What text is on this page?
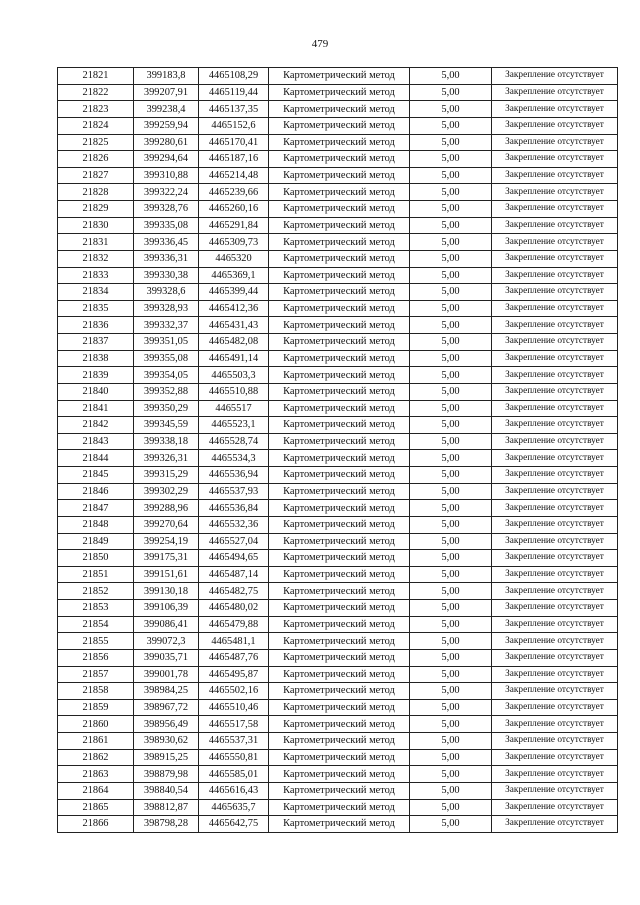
479
21821	399183,8	4465108,29	Картометрический метод	5,00	Закрепление отсутствует
21822	399207,91	4465119,44	Картометрический метод	5,00	Закрепление отсутствует
21823	399238,4	4465137,35	Картометрический метод	5,00	Закрепление отсутствует
21824	399259,94	4465152,6	Картометрический метод	5,00	Закрепление отсутствует
21825	399280,61	4465170,41	Картометрический метод	5,00	Закрепление отсутствует
21826	399294,64	4465187,16	Картометрический метод	5,00	Закрепление отсутствует
21827	399310,88	4465214,48	Картометрический метод	5,00	Закрепление отсутствует
21828	399322,24	4465239,66	Картометрический метод	5,00	Закрепление отсутствует
21829	399328,76	4465260,16	Картометрический метод	5,00	Закрепление отсутствует
21830	399335,08	4465291,84	Картометрический метод	5,00	Закрепление отсутствует
21831	399336,45	4465309,73	Картометрический метод	5,00	Закрепление отсутствует
21832	399336,31	4465320	Картометрический метод	5,00	Закрепление отсутствует
21833	399330,38	4465369,1	Картометрический метод	5,00	Закрепление отсутствует
21834	399328,6	4465399,44	Картометрический метод	5,00	Закрепление отсутствует
21835	399328,93	4465412,36	Картометрический метод	5,00	Закрепление отсутствует
21836	399332,37	4465431,43	Картометрический метод	5,00	Закрепление отсутствует
21837	399351,05	4465482,08	Картометрический метод	5,00	Закрепление отсутствует
21838	399355,08	4465491,14	Картометрический метод	5,00	Закрепление отсутствует
21839	399354,05	4465503,3	Картометрический метод	5,00	Закрепление отсутствует
21840	399352,88	4465510,88	Картометрический метод	5,00	Закрепление отсутствует
21841	399350,29	4465517	Картометрический метод	5,00	Закрепление отсутствует
21842	399345,59	4465523,1	Картометрический метод	5,00	Закрепление отсутствует
21843	399338,18	4465528,74	Картометрический метод	5,00	Закрепление отсутствует
21844	399326,31	4465534,3	Картометрический метод	5,00	Закрепление отсутствует
21845	399315,29	4465536,94	Картометрический метод	5,00	Закрепление отсутствует
21846	399302,29	4465537,93	Картометрический метод	5,00	Закрепление отсутствует
21847	399288,96	4465536,84	Картометрический метод	5,00	Закрепление отсутствует
21848	399270,64	4465532,36	Картометрический метод	5,00	Закрепление отсутствует
21849	399254,19	4465527,04	Картометрический метод	5,00	Закрепление отсутствует
21850	399175,31	4465494,65	Картометрический метод	5,00	Закрепление отсутствует
21851	399151,61	4465487,14	Картометрический метод	5,00	Закрепление отсутствует
21852	399130,18	4465482,75	Картометрический метод	5,00	Закрепление отсутствует
21853	399106,39	4465480,02	Картометрический метод	5,00	Закрепление отсутствует
21854	399086,41	4465479,88	Картометрический метод	5,00	Закрепление отсутствует
21855	399072,3	4465481,1	Картометрический метод	5,00	Закрепление отсутствует
21856	399035,71	4465487,76	Картометрический метод	5,00	Закрепление отсутствует
21857	399001,78	4465495,87	Картометрический метод	5,00	Закрепление отсутствует
21858	398984,25	4465502,16	Картометрический метод	5,00	Закрепление отсутствует
21859	398967,72	4465510,46	Картометрический метод	5,00	Закрепление отсутствует
21860	398956,49	4465517,58	Картометрический метод	5,00	Закрепление отсутствует
21861	398930,62	4465537,31	Картометрический метод	5,00	Закрепление отсутствует
21862	398915,25	4465550,81	Картометрический метод	5,00	Закрепление отсутствует
21863	398879,98	4465585,01	Картометрический метод	5,00	Закрепление отсутствует
21864	398840,54	4465616,43	Картометрический метод	5,00	Закрепление отсутствует
21865	398812,87	4465635,7	Картометрический метод	5,00	Закрепление отсутствует
21866	398798,28	4465642,75	Картометрический метод	5,00	Закрепление отсутствует
